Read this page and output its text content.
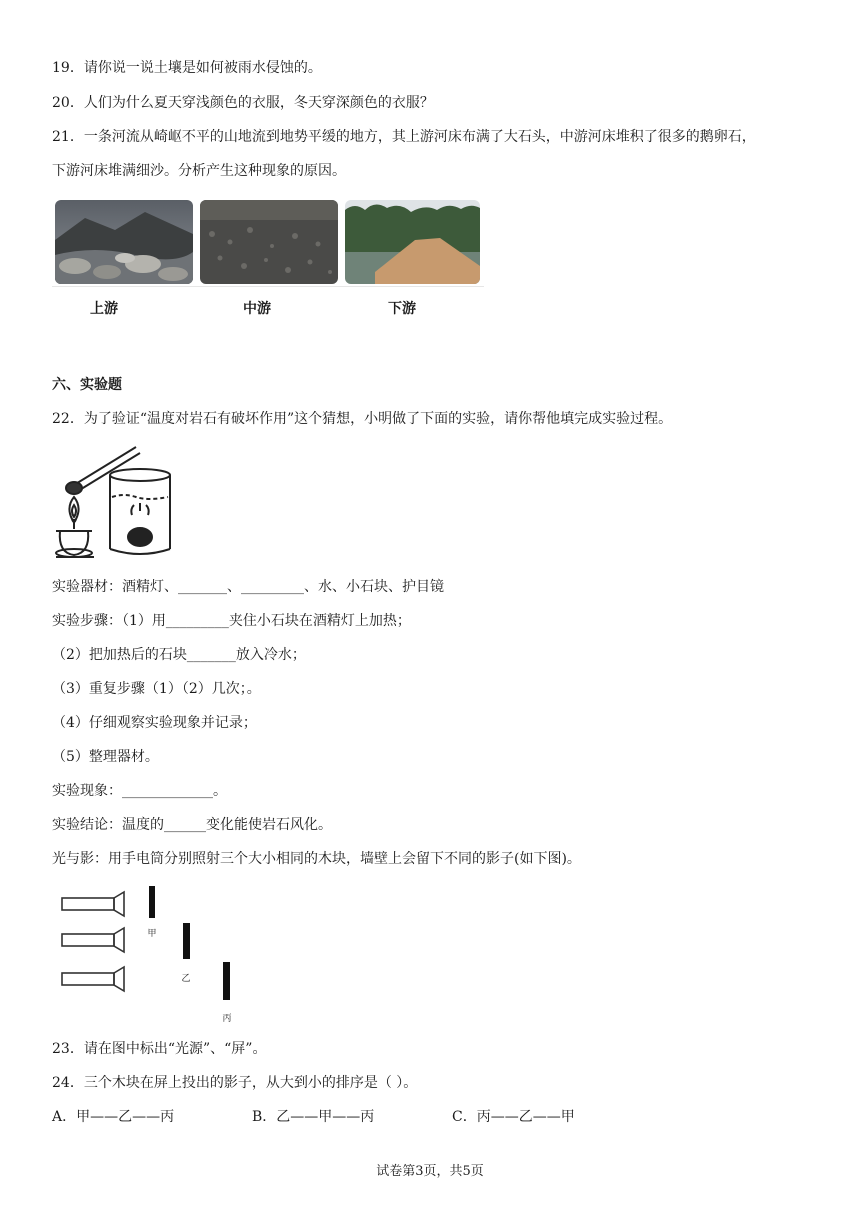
19．请你说一说土壤是如何被雨水侵蚀的。
20．人们为什么夏天穿浅颜色的衣服，冬天穿深颜色的衣服？
21．一条河流从崎岖不平的山地流到地势平缓的地方，其上游河床布满了大石头，中游河床堆积了很多的鹅卵石，
下游河床堆满细沙。分析产生这种现象的原因。
上游	中游	下游
六、实验题
22．为了验证“温度对岩石有破坏作用”这个猜想，小明做了下面的实验，请你帮他填完成实验过程。
实验器材：酒精灯、_______、_________、水、小石块、护目镜
实验步骤：（1）用_________夹住小石块在酒精灯上加热；
（2）把加热后的石块_______放入冷水；
（3）重复步骤（1）（2）几次；。
（4）仔细观察实验现象并记录；
（5）整理器材。
实验现象：_____________。
实验结论：温度的______变化能使岩石风化。
光与影：用手电筒分别照射三个大小相同的木块，墙壁上会留下不同的影子(如下图)。
甲
乙
丙
23．请在图中标出“光源”、“屏”。
24．三个木块在屏上投出的影子，从大到小的排序是（ ）。
A．甲——乙——丙	B．乙——甲——丙	C．丙——乙——甲
试卷第3页，共5页
